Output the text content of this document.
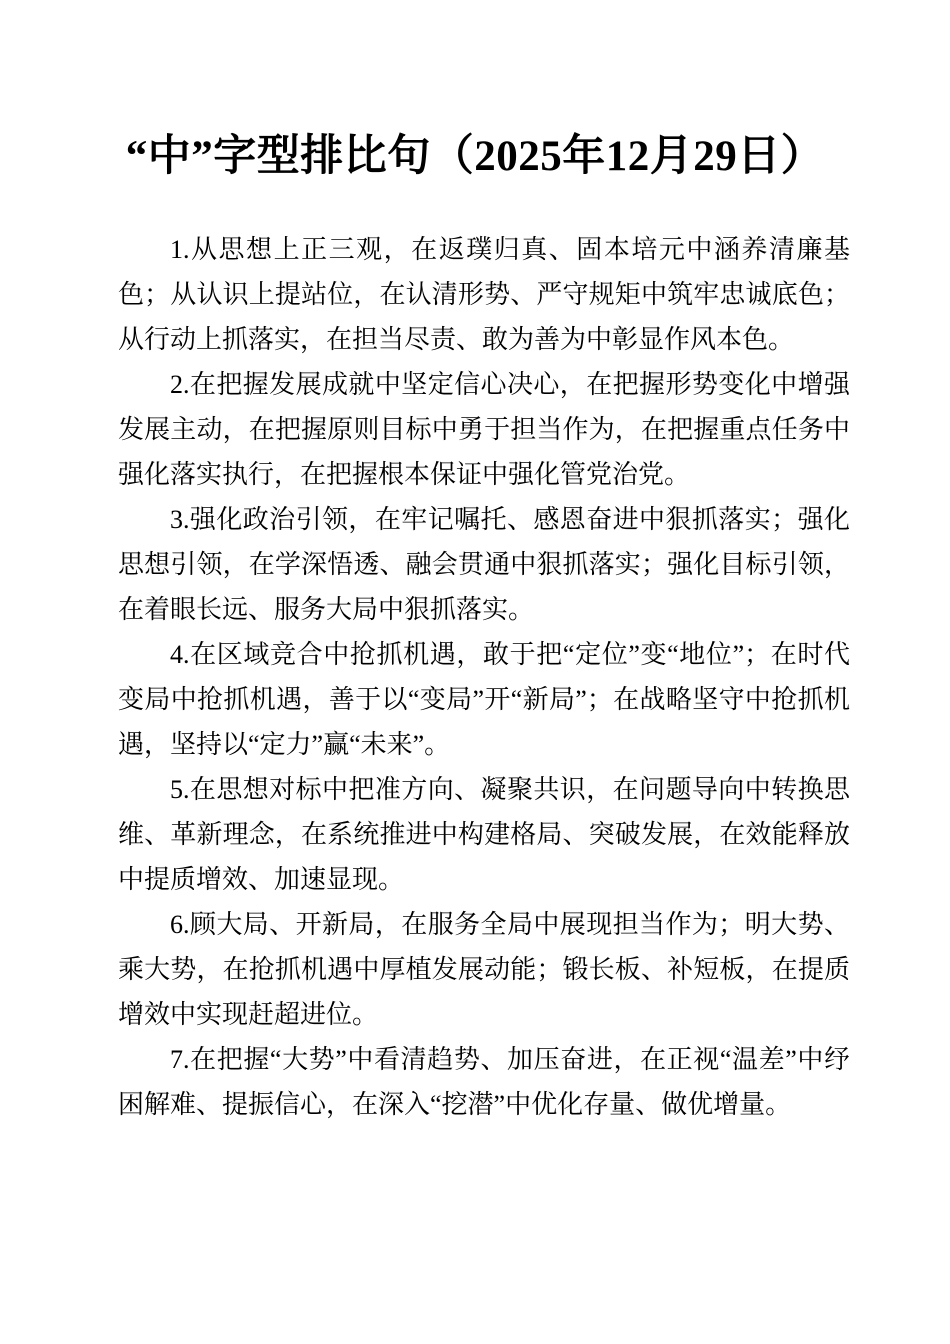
“中”字型排比句（2025年12月29日）

1.从思想上正三观，在返璞归真、固本培元中涵养清廉基色；从认识上提站位，在认清形势、严守规矩中筑牢忠诚底色；从行动上抓落实，在担当尽责、敢为善为中彰显作风本色。

2.在把握发展成就中坚定信心决心，在把握形势变化中增强发展主动，在把握原则目标中勇于担当作为，在把握重点任务中强化落实执行，在把握根本保证中强化管党治党。

3.强化政治引领，在牢记嘱托、感恩奋进中狠抓落实；强化思想引领，在学深悟透、融会贯通中狠抓落实；强化目标引领，在着眼长远、服务大局中狠抓落实。

4.在区域竞合中抢抓机遇，敢于把“定位”变“地位”；在时代变局中抢抓机遇，善于以“变局”开“新局”；在战略坚守中抢抓机遇，坚持以“定力”赢“未来”。

5.在思想对标中把准方向、凝聚共识，在问题导向中转换思维、革新理念，在系统推进中构建格局、突破发展，在效能释放中提质增效、加速显现。

6.顾大局、开新局，在服务全局中展现担当作为；明大势、乘大势，在抢抓机遇中厚植发展动能；锻长板、补短板，在提质增效中实现赶超进位。

7.在把握“大势”中看清趋势、加压奋进，在正视“温差”中纾困解难、提振信心，在深入“挖潜”中优化存量、做优增量。
